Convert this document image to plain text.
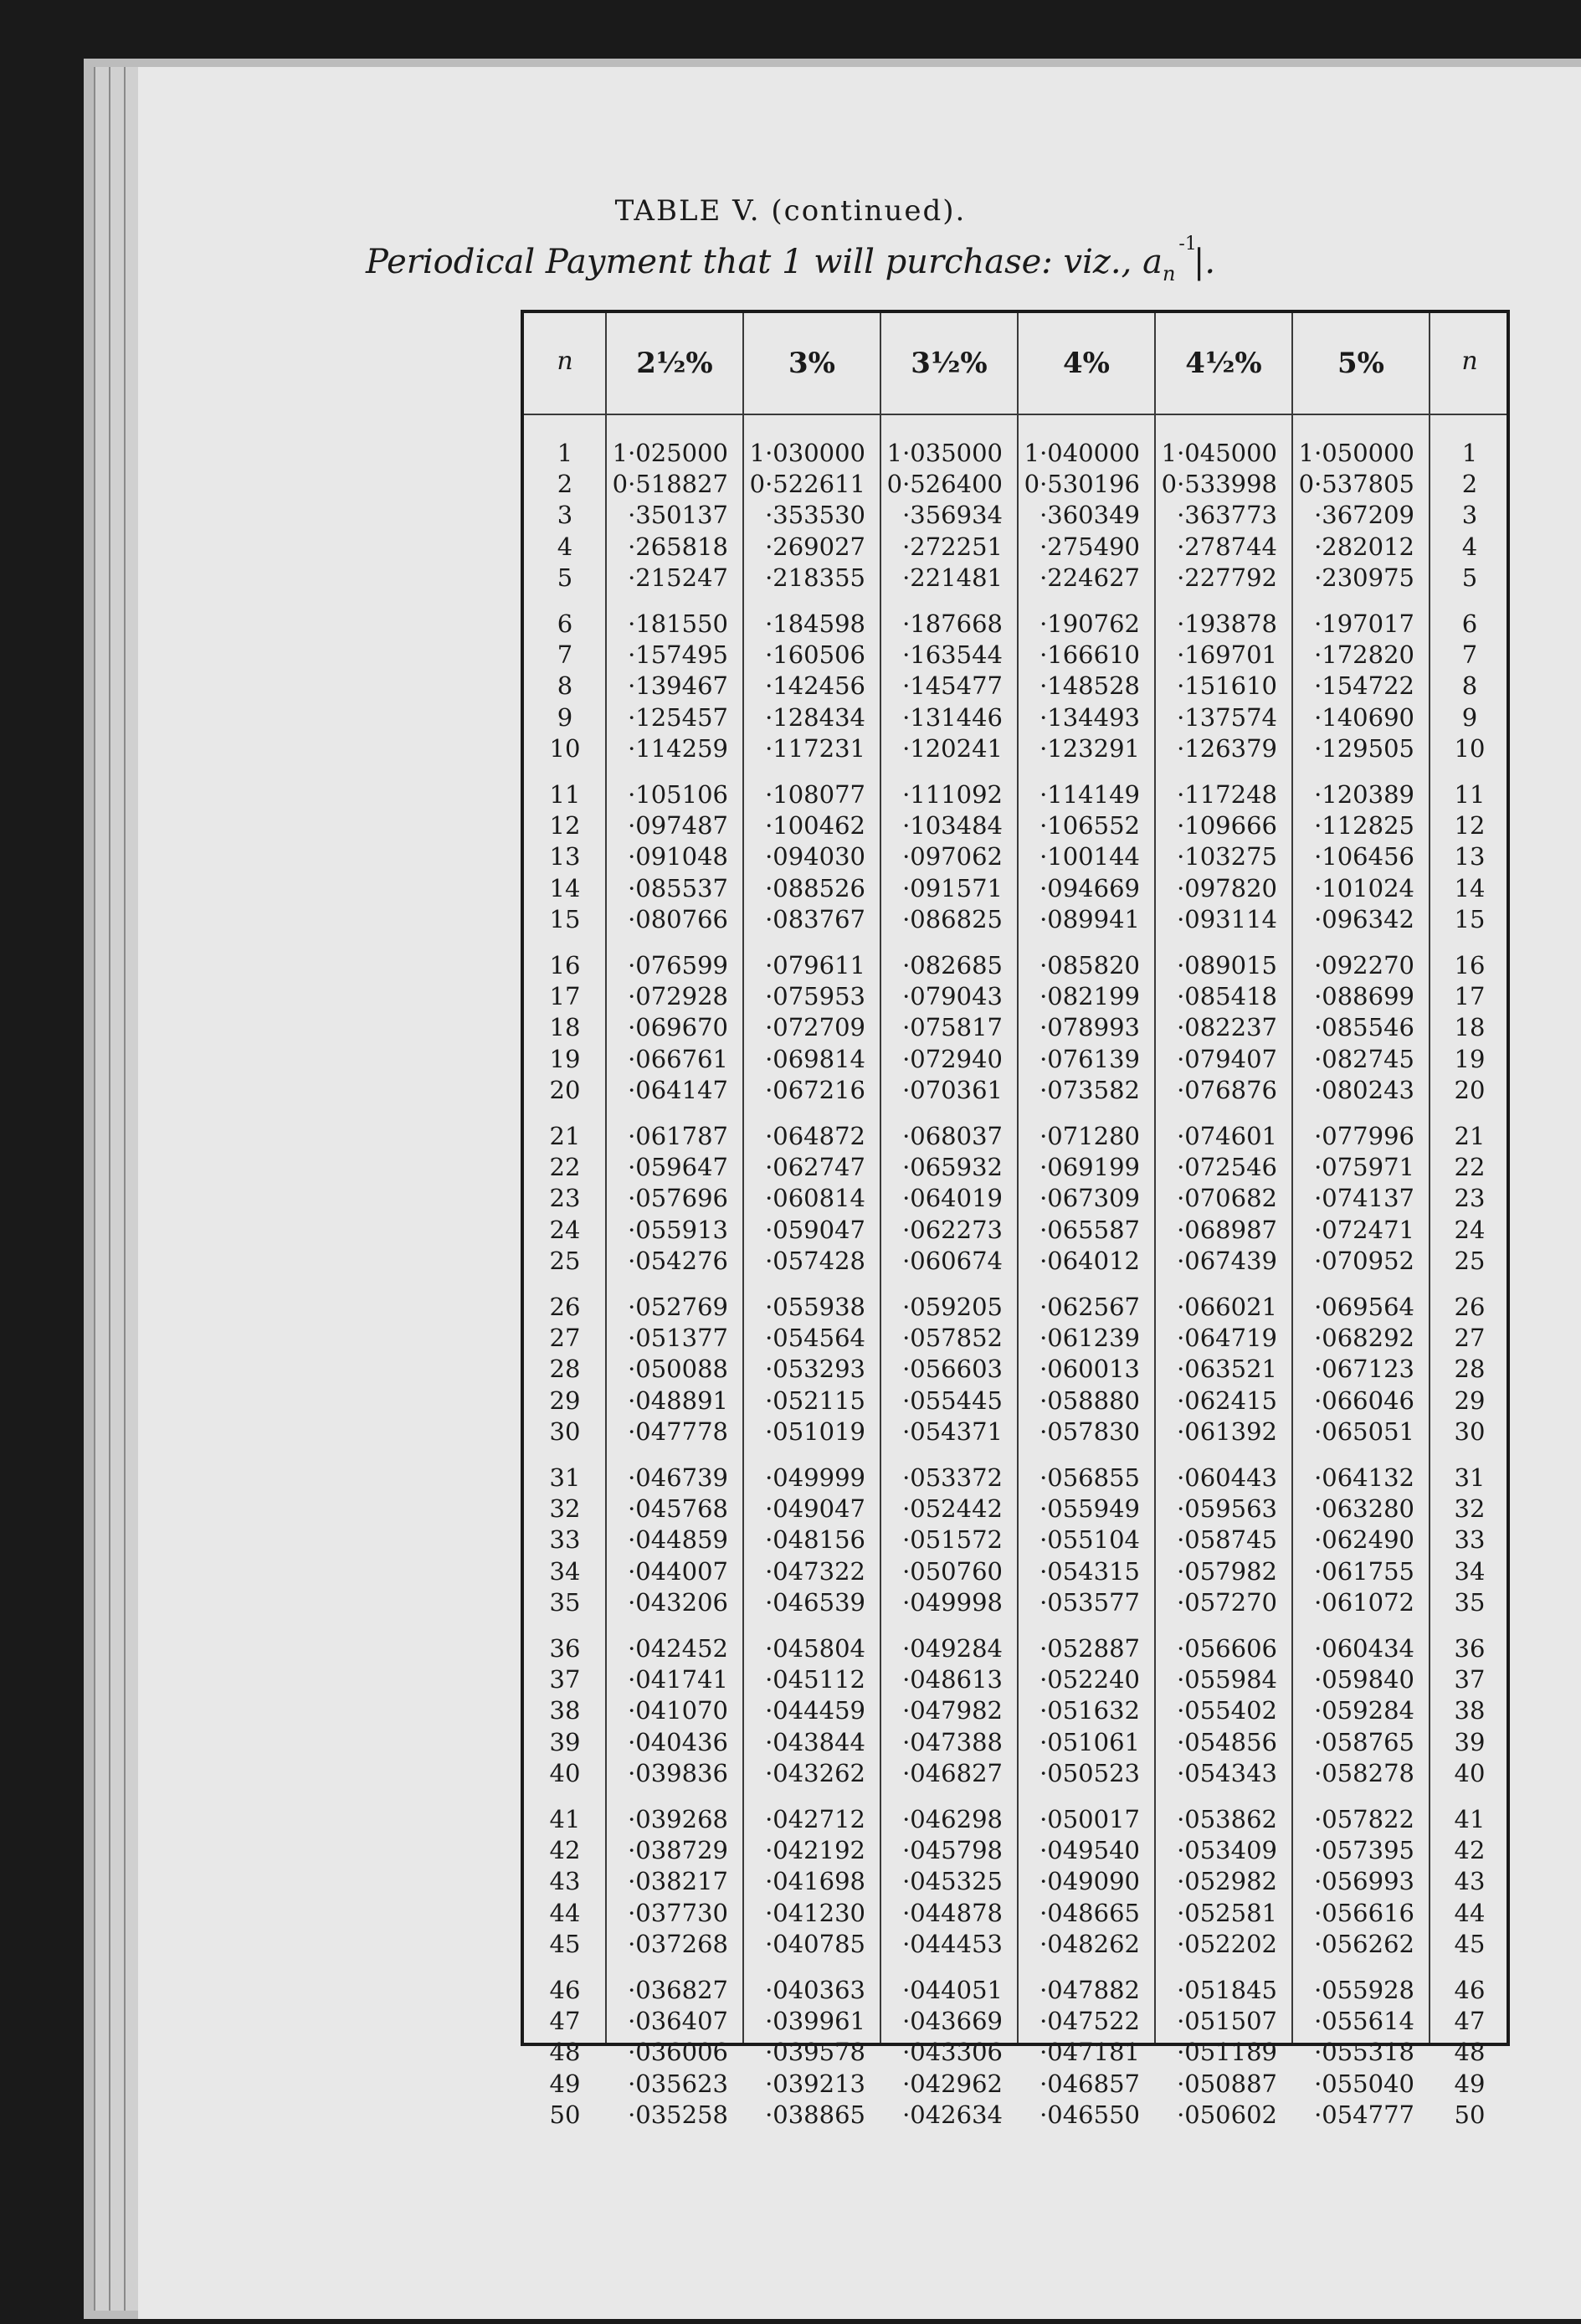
TABLE V. (continued).
Periodical Payment that 1 will purchase: viz., $a_n^{-1}|$.
n	2½%	3%	3½%	4%	4½%	5%	n
1	1·025000 1·030000 1·035000 1·040000 1·045000 1·050000	1
2	0·518827 0·522611 0·526400 0·530196 0·533998 0·537805	2
3	·350137	·353530	·356934	·360349	·363773	·367209	3
4	·265818	·269027	·272251	·275490	·278744	·282012	4
5	·215247	·218355	·221481	·224627	·227792	·230975	5
6	·181550	·184598	·187668	·190762	·193878	·197017	6
7	·157495	·160506	·163544	·166610	·169701	·172820	7
8	·139467	·142456	·145477	·148528	·151610	·154722	8
9	·125457	·128434	·131446	·134493	·137574	·140690	9
10	·114259	·117231	·120241	·123291	·126379	·129505	10
11	·105106	·108077	·111092	·114149	·117248	·120389	11
12	·097487	·100462	·103484	·106552	·109666	·112825	12
13	·091048	·094030	·097062	·100144	·103275	·106456	13
14	·085537	·088526	·091571	·094669	·097820	·101024	14
15	·080766	·083767	·086825	·089941	·093114	·096342	15
16	·076599	·079611	·082685	·085820	·089015	·092270	16
17	·072928	·075953	·079043	·082199	·085418	·088699	17
18	·069670	·072709	·075817	·078993	·082237	·085546	18
19	·066761	·069814	·072940	·076139	·079407	·082745	19
20	·064147	·067216	·070361	·073582	·076876	·080243	20
21	·061787	·064872	·068037	·071280	·074601	·077996	21
22	·059647	·062747	·065932	·069199	·072546	·075971	22
23	·057696	·060814	·064019	·067309	·070682	·074137	23
24	·055913	·059047	·062273	·065587	·068987	·072471	24
25	·054276	·057428	·060674	·064012	·067439	·070952	25
26	·052769	·055938	·059205	·062567	·066021	·069564	26
27	·051377	·054564	·057852	·061239	·064719	·068292	27
28	·050088	·053293	·056603	·060013	·063521	·067123	28
29	·048891	·052115	·055445	·058880	·062415	·066046	29
30	·047778	·051019	·054371	·057830	·061392	·065051	30
31	·046739	·049999	·053372	·056855	·060443	·064132	31
32	·045768	·049047	·052442	·055949	·059563	·063280	32
33	·044859	·048156	·051572	·055104	·058745	·062490	33
34	·044007	·047322	·050760	·054315	·057982	·061755	34
35	·043206	·046539	·049998	·053577	·057270	·061072	35
36	·042452	·045804	·049284	·052887	·056606	·060434	36
37	·041741	·045112	·048613	·052240	·055984	·059840	37
38	·041070	·044459	·047982	·051632	·055402	·059284	38
39	·040436	·043844	·047388	·051061	·054856	·058765	39
40	·039836	·043262	·046827	·050523	·054343	·058278	40
41	·039268	·042712	·046298	·050017	·053862	·057822	41
42	·038729	·042192	·045798	·049540	·053409	·057395	42
43	·038217	·041698	·045325	·049090	·052982	·056993	43
44	·037730	·041230	·044878	·048665	·052581	·056616	44
45	·037268	·040785	·044453	·048262	·052202	·056262	45
46	·036827	·040363	·044051	·047882	·051845	·055928	46
47	·036407	·039961	·043669	·047522	·051507	·055614	47
48	·036006	·039578	·043306	·047181	·051189	·055318	48
49	·035623	·039213	·042962	·046857	·050887	·055040	49
50	·035258	·038865	·042634	·046550	·050602	·054777	50
